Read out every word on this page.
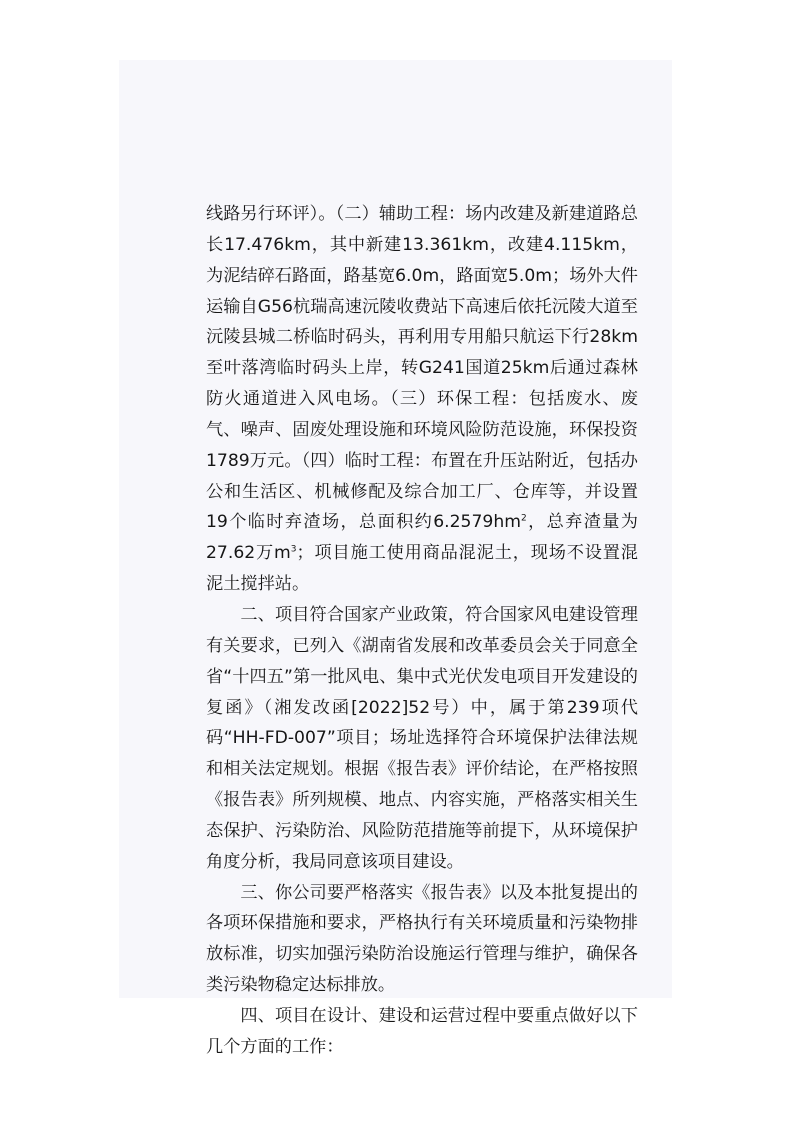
线路另行环评）。（二）辅助工程：场内改建及新建道路总长17.476km，其中新建13.361km，改建4.115km，为泥结碎石路面，路基宽6.0m，路面宽5.0m；场外大件运输自G56杭瑞高速沅陵收费站下高速后依托沅陵大道至沅陵县城二桥临时码头，再利用专用船只航运下行28km至叶落湾临时码头上岸，转G241国道25km后通过森林防火通道进入风电场。（三）环保工程：包括废水、废气、噪声、固废处理设施和环境风险防范设施，环保投资1789万元。（四）临时工程：布置在升压站附近，包括办公和生活区、机械修配及综合加工厂、仓库等，并设置19个临时弃渣场，总面积约$6.2579hm^2$，总弃渣量为27.62万$m^3$；项目施工使用商品混泥土，现场不设置混泥土搅拌站。

二、项目符合国家产业政策，符合国家风电建设管理有关要求，已列入《湖南省发展和改革委员会关于同意全省“十四五”第一批风电、集中式光伏发电项目开发建设的复函》（湘发改函[2022]52号）中，属于第239项代码“HH-FD-007”项目；场址选择符合环境保护法律法规和相关法定规划。根据《报告表》评价结论，在严格按照《报告表》所列规模、地点、内容实施，严格落实相关生态保护、污染防治、风险防范措施等前提下，从环境保护角度分析，我局同意该项目建设。

三、你公司要严格落实《报告表》以及本批复提出的各项环保措施和要求，严格执行有关环境质量和污染物排放标准，切实加强污染防治设施运行管理与维护，确保各类污染物稳定达标排放。

四、项目在设计、建设和运营过程中要重点做好以下几个方面的工作：
